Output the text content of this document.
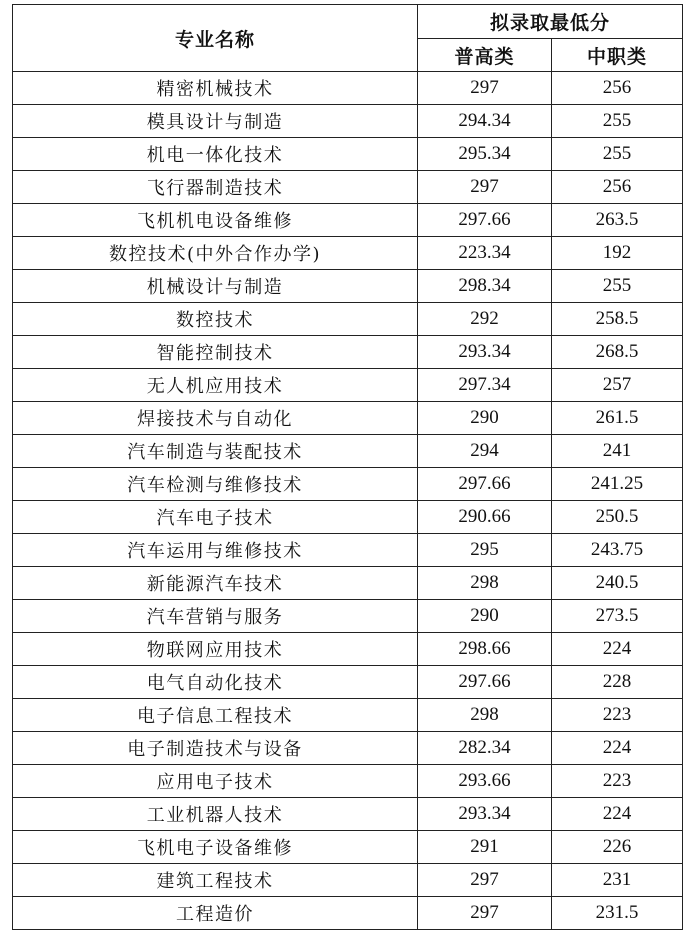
专业名称	拟录取最低分	
	普高类	中职类
精密机械技术	297	256
模具设计与制造	294.34	255
机电一体化技术	295.34	255
飞行器制造技术	297	256
飞机机电设备维修	297.66	263.5
数控技术(中外合作办学)	223.34	192
机械设计与制造	298.34	255
数控技术	292	258.5
智能控制技术	293.34	268.5
无人机应用技术	297.34	257
焊接技术与自动化	290	261.5
汽车制造与装配技术	294	241
汽车检测与维修技术	297.66	241.25
汽车电子技术	290.66	250.5
汽车运用与维修技术	295	243.75
新能源汽车技术	298	240.5
汽车营销与服务	290	273.5
物联网应用技术	298.66	224
电气自动化技术	297.66	228
电子信息工程技术	298	223
电子制造技术与设备	282.34	224
应用电子技术	293.66	223
工业机器人技术	293.34	224
飞机电子设备维修	291	226
建筑工程技术	297	231
工程造价	297	231.5
